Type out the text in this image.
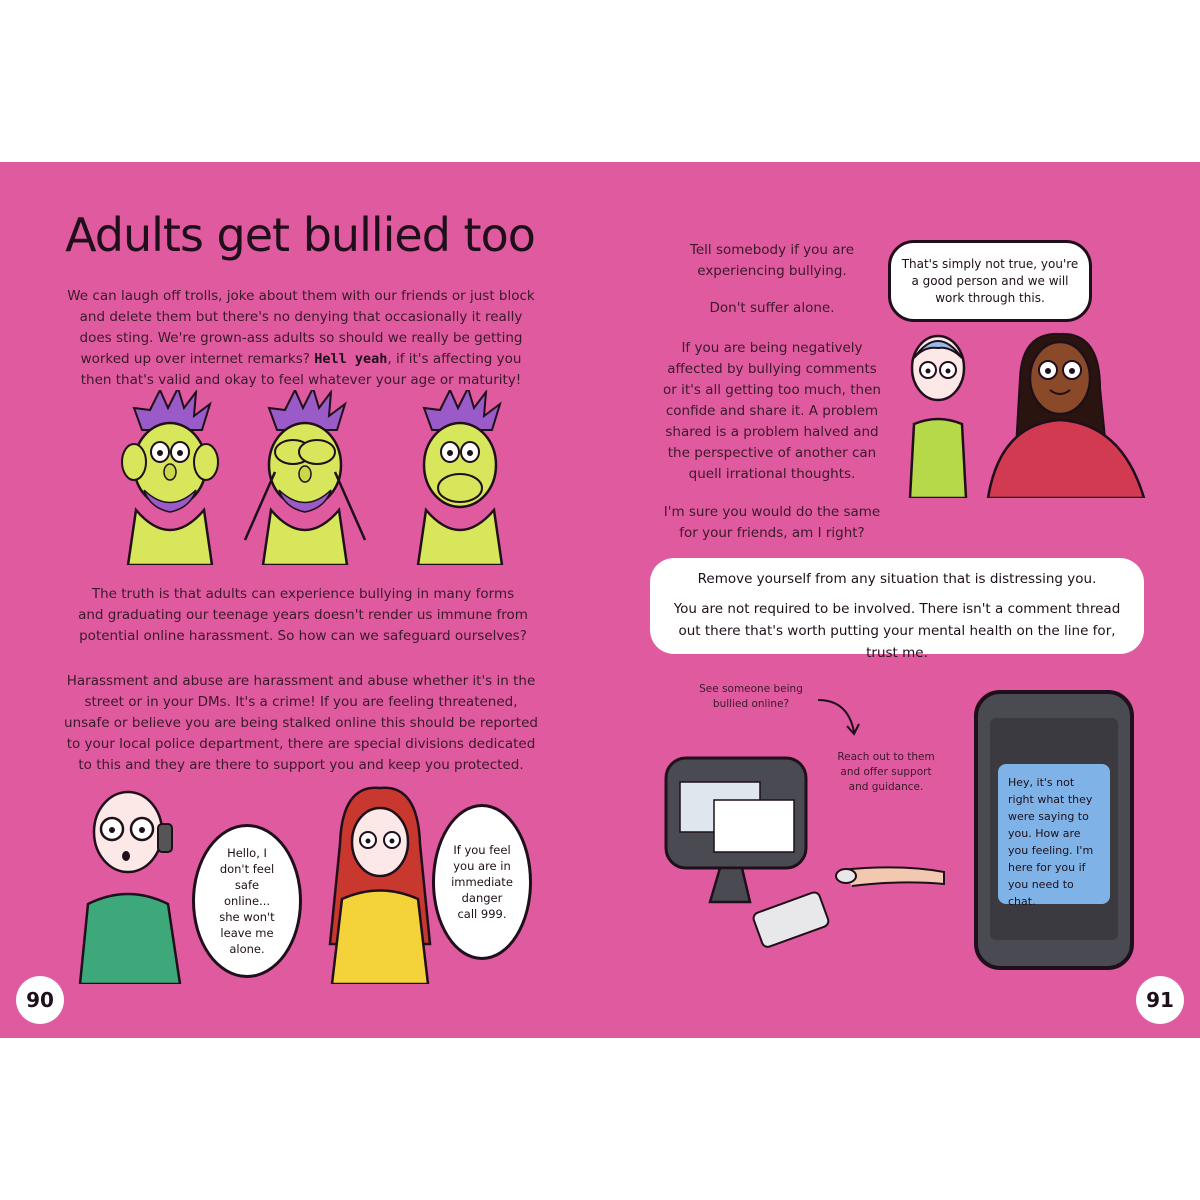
Adults get bullied too

We can laugh off trolls, joke about them with our friends or just block and delete them but there's no denying that occasionally it really does sting. We're grown-ass adults so should we really be getting worked up over internet remarks? Hell yeah, if it's affecting you then that's valid and okay to feel whatever your age or maturity!

The truth is that adults can experience bullying in many forms and graduating our teenage years doesn't render us immune from potential online harassment. So how can we safeguard ourselves?

Harassment and abuse are harassment and abuse whether it's in the street or in your DMs. It's a crime! If you are feeling threatened, unsafe or believe you are being stalked online this should be reported to your local police department, there are special divisions dedicated to this and they are there to support you and keep you protected.

Hello, I don't feel safe online... she won't leave me alone.
If you feel you are in immediate danger call 999.
90

Tell somebody if you are experiencing bullying.

Don't suffer alone.

If you are being negatively affected by bullying comments or it's all getting too much, then confide and share it. A problem shared is a problem halved and the perspective of another can quell irrational thoughts.

I'm sure you would do the same for your friends, am I right?

That's simply not true, you're a good person and we will work through this.

Remove yourself from any situation that is distressing you.

You are not required to be involved. There isn't a comment thread out there that's worth putting your mental health on the line for, trust me.

See someone being bullied online?
Reach out to them and offer support and guidance.	Hey, it's not right what they were saying to you. How are you feeling. I'm here for you if you need to chat.
91
